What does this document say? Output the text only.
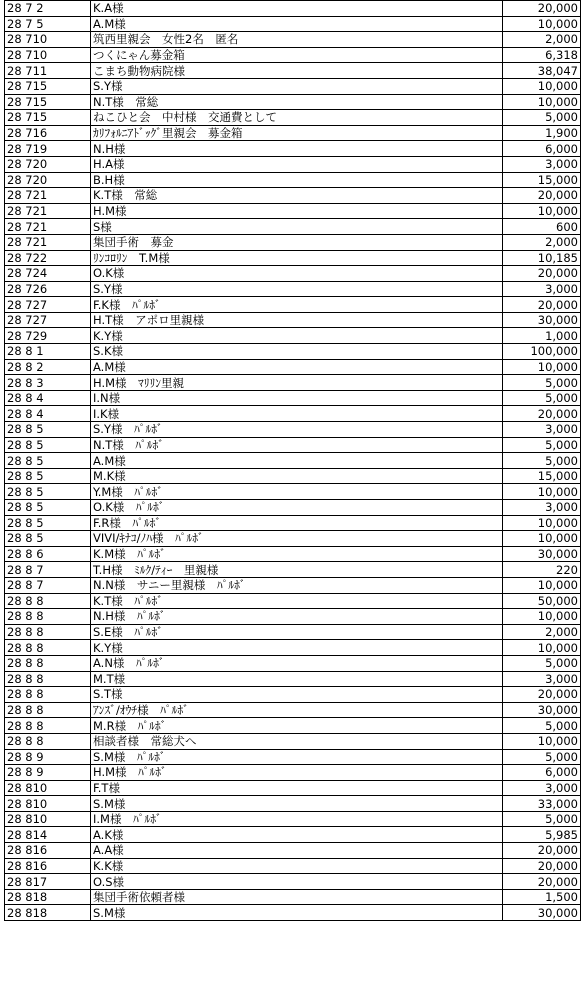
28 7 2	K.A様	20,000
28 7 5	A.M様	10,000
28 710	筑西里親会　女性2名　匿名	2,000
28 710	つくにゃん募金箱	6,318
28 711	こまち動物病院様	38,047
28 715	S.Y様	10,000
28 715	N.T様　常総	10,000
28 715	ねこひと会　中村様　交通費として	5,000
28 716	ｶﾘﾌｫﾙﾆｱﾄﾞｯｸﾞ里親会　募金箱	1,900
28 719	N.H様	6,000
28 720	H.A様	3,000
28 720	B.H様	15,000
28 721	K.T様　常総	20,000
28 721	H.M様	10,000
28 721	S様	600
28 721	集団手術　募金	2,000
28 722	ﾘﾝｺﾛﾘﾝ　T.M様	10,185
28 724	O.K様	20,000
28 726	S.Y様	3,000
28 727	F.K様　ﾊﾟﾙﾎﾞ	20,000
28 727	H.T様　アポロ里親様	30,000
28 729	K.Y様	1,000
28 8 1	S.K様	100,000
28 8 2	A.M様	10,000
28 8 3	H.M様　ﾏﾘﾘﾝ里親	5,000
28 8 4	I.N様	5,000
28 8 4	I.K様	20,000
28 8 5	S.Y様　ﾊﾟﾙﾎﾞ	3,000
28 8 5	N.T様　ﾊﾟﾙﾎﾞ	5,000
28 8 5	A.M様	5,000
28 8 5	M.K様	15,000
28 8 5	Y.M様　ﾊﾟﾙﾎﾞ	10,000
28 8 5	O.K様　ﾊﾟﾙﾎﾞ	3,000
28 8 5	F.R様　ﾊﾟﾙﾎﾞ	10,000
28 8 5	VIVI/ｷﾅｺ/ﾉﾊ様　ﾊﾟﾙﾎﾞ	10,000
28 8 6	K.M様　ﾊﾟﾙﾎﾞ	30,000
28 8 7	T.H様　ﾐﾙｸ/ﾃｨｰ　里親様	220
28 8 7	N.N様　サニー里親様　ﾊﾟﾙﾎﾞ	10,000
28 8 8	K.T様　ﾊﾟﾙﾎﾞ	50,000
28 8 8	N.H様　ﾊﾟﾙﾎﾞ	10,000
28 8 8	S.E様　ﾊﾟﾙﾎﾞ	2,000
28 8 8	K.Y様	10,000
28 8 8	A.N様　ﾊﾟﾙﾎﾞ	5,000
28 8 8	M.T様	3,000
28 8 8	S.T様	20,000
28 8 8	ｱﾝｽﾞ/ｵｳﾁ様　ﾊﾟﾙﾎﾞ	30,000
28 8 8	M.R様　ﾊﾟﾙﾎﾞ	5,000
28 8 8	相談者様　常総犬へ	10,000
28 8 9	S.M様　ﾊﾟﾙﾎﾞ	5,000
28 8 9	H.M様　ﾊﾟﾙﾎﾞ	6,000
28 810	F.T様	3,000
28 810	S.M様	33,000
28 810	I.M様　ﾊﾟﾙﾎﾞ	5,000
28 814	A.K様	5,985
28 816	A.A様	20,000
28 816	K.K様	20,000
28 817	O.S様	20,000
28 818	集団手術依頼者様	1,500
28 818	S.M様	30,000
